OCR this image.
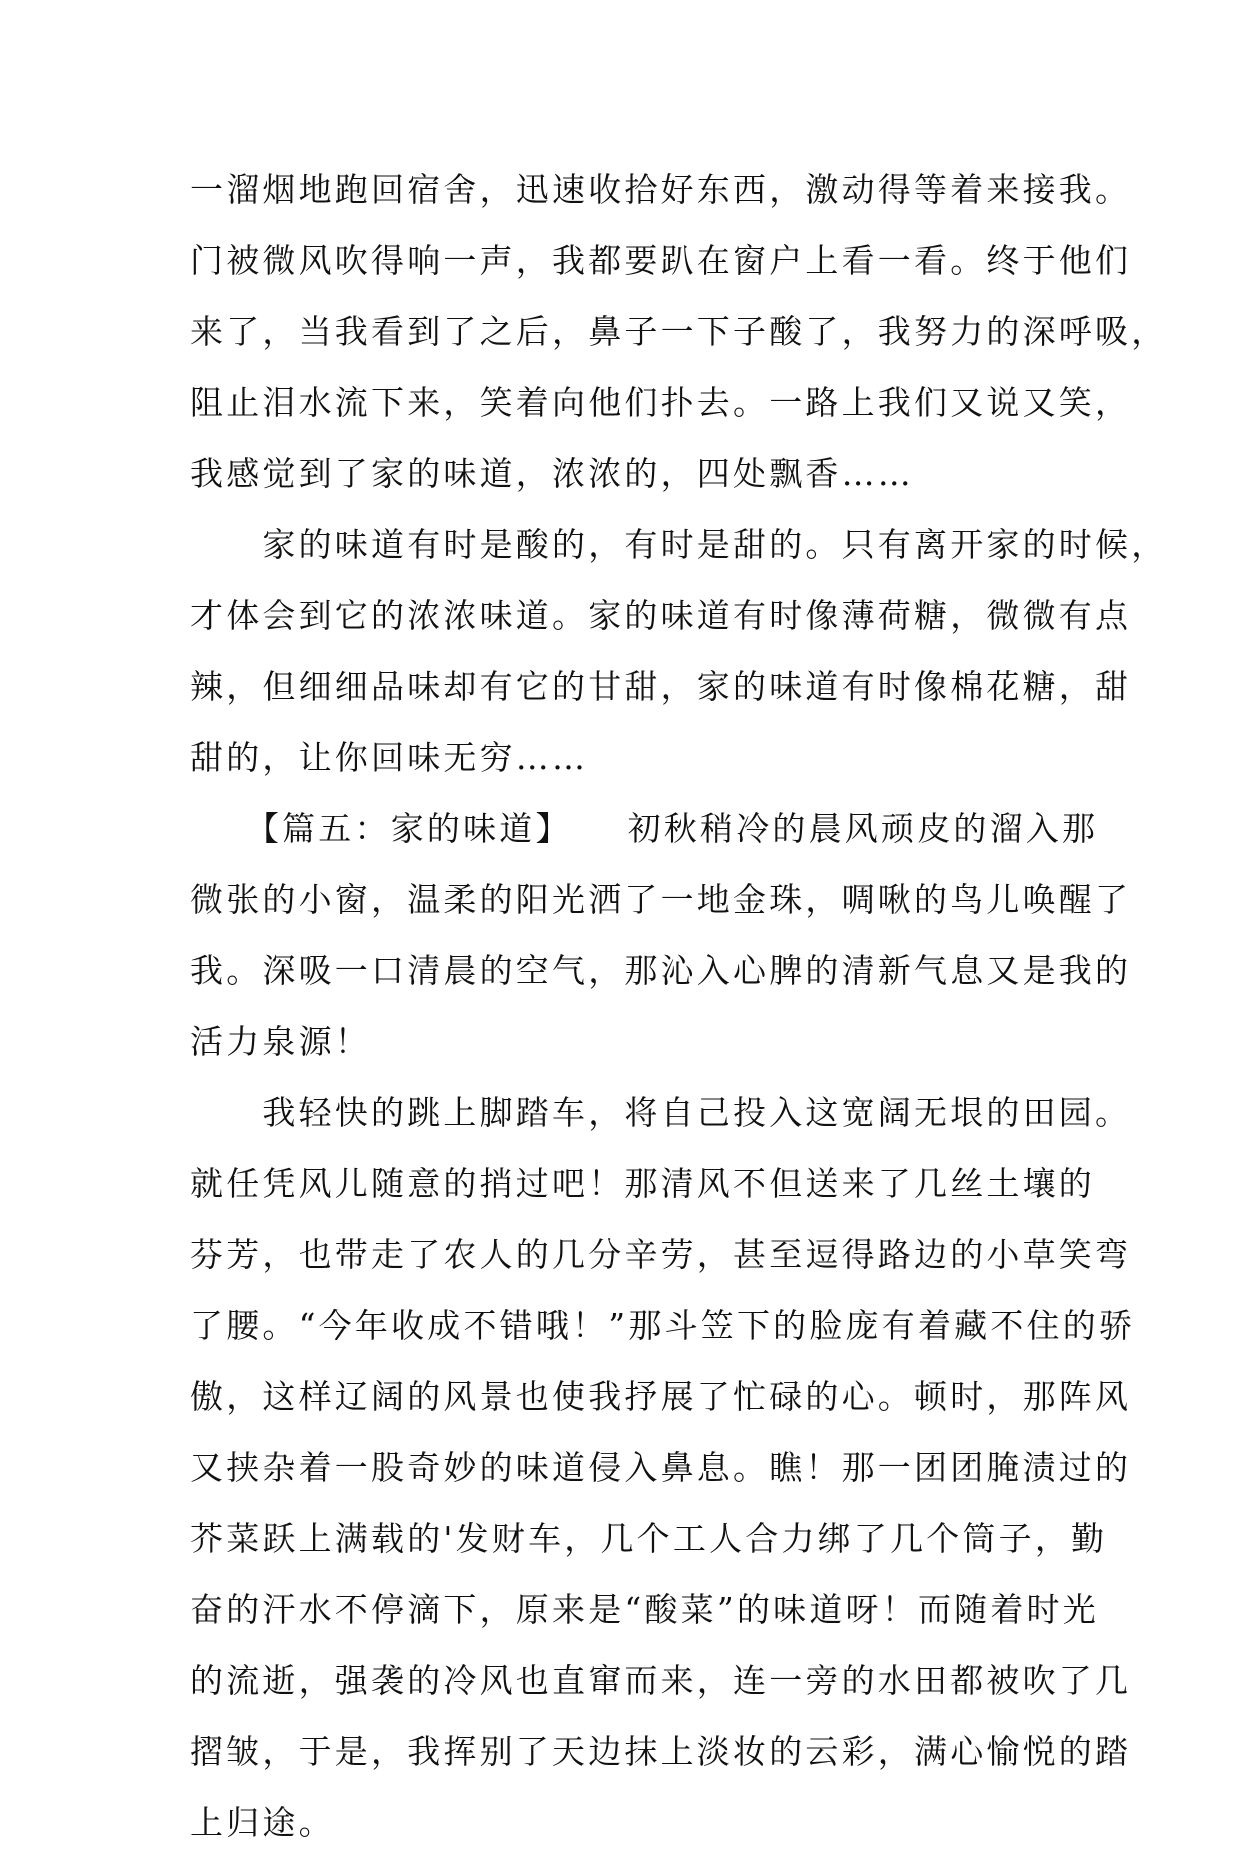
一溜烟地跑回宿舍，迅速收拾好东西，激动得等着来接我。
门被微风吹得响一声，我都要趴在窗户上看一看。终于他们
来了，当我看到了之后，鼻子一下子酸了，我努力的深呼吸，
阻止泪水流下来，笑着向他们扑去。一路上我们又说又笑，
我感觉到了家的味道，浓浓的，四处飘香……
　　家的味道有时是酸的，有时是甜的。只有离开家的时候，
才体会到它的浓浓味道。家的味道有时像薄荷糖，微微有点
辣，但细细品味却有它的甘甜，家的味道有时像棉花糖，甜
甜的，让你回味无穷……
　　【篇五：家的味道】　　初秋稍冷的晨风顽皮的溜入那
微张的小窗，温柔的阳光洒了一地金珠，啁啾的鸟儿唤醒了
我。深吸一口清晨的空气，那沁入心脾的清新气息又是我的
活力泉源！
　　我轻快的跳上脚踏车，将自己投入这宽阔无垠的田园。
就任凭风儿随意的捎过吧！那清风不但送来了几丝土壤的
芬芳，也带走了农人的几分辛劳，甚至逗得路边的小草笑弯
了腰。“今年收成不错哦！”那斗笠下的脸庞有着藏不住的骄
傲，这样辽阔的风景也使我抒展了忙碌的心。顿时，那阵风
又挟杂着一股奇妙的味道侵入鼻息。瞧！那一团团腌渍过的
芥菜跃上满载的'发财车，几个工人合力绑了几个筒子，勤
奋的汗水不停滴下，原来是“酸菜”的味道呀！而随着时光
的流逝，强袭的冷风也直窜而来，连一旁的水田都被吹了几
摺皱，于是，我挥别了天边抹上淡妆的云彩，满心愉悦的踏
上归途。
